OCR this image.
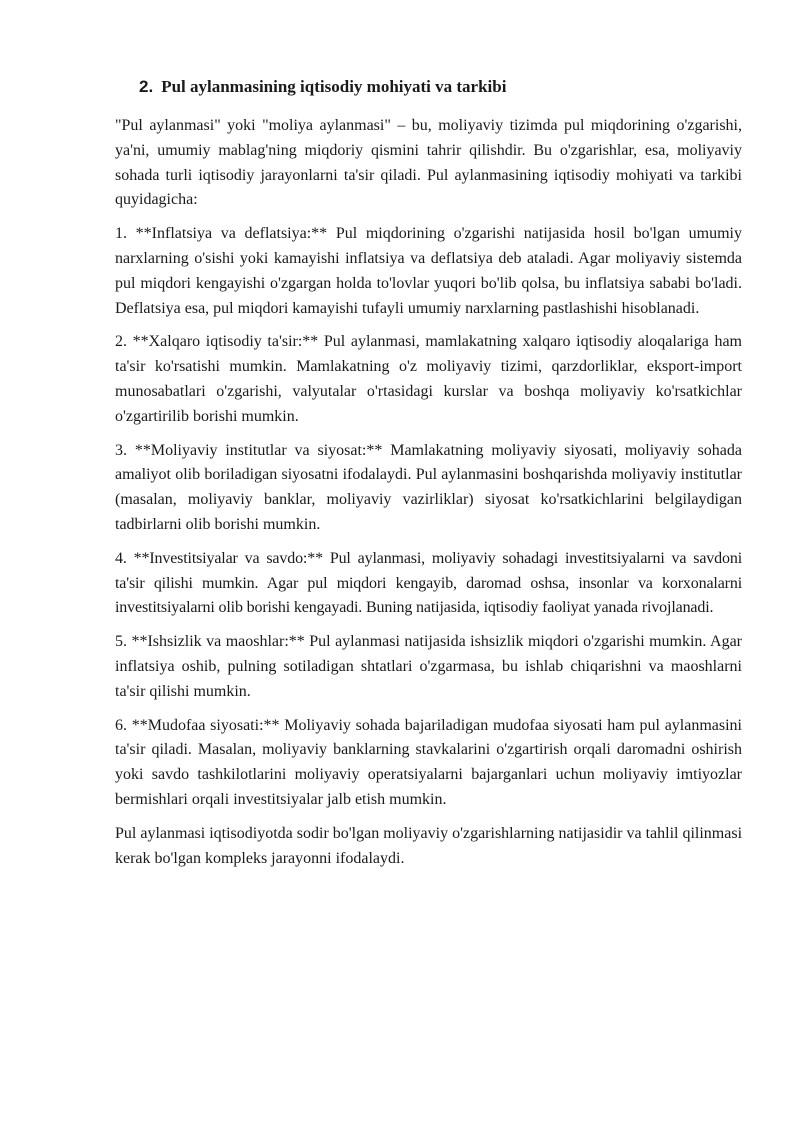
2. Pul aylanmasining iqtisodiy mohiyati va tarkibi

"Pul aylanmasi" yoki "moliya aylanmasi" – bu, moliyaviy tizimda pul miqdorining o'zgarishi, ya'ni, umumiy mablag'ning miqdoriy qismini tahrir qilishdir. Bu o'zgarishlar, esa, moliyaviy sohada turli iqtisodiy jarayonlarni ta'sir qiladi. Pul aylanmasining iqtisodiy mohiyati va tarkibi quyidagicha:

1. **Inflatsiya va deflatsiya:** Pul miqdorining o'zgarishi natijasida hosil bo'lgan umumiy narxlarning o'sishi yoki kamayishi inflatsiya va deflatsiya deb ataladi. Agar moliyaviy sistemda pul miqdori kengayishi o'zgargan holda to'lovlar yuqori bo'lib qolsa, bu inflatsiya sababi bo'ladi. Deflatsiya esa, pul miqdori kamayishi tufayli umumiy narxlarning pastlashishi hisoblanadi.

2. **Xalqaro iqtisodiy ta'sir:** Pul aylanmasi, mamlakatning xalqaro iqtisodiy aloqalariga ham ta'sir ko'rsatishi mumkin. Mamlakatning o'z moliyaviy tizimi, qarzdorliklar, eksport-import munosabatlari o'zgarishi, valyutalar o'rtasidagi kurslar va boshqa moliyaviy ko'rsatkichlar o'zgartirilib borishi mumkin.

3. **Moliyaviy institutlar va siyosat:** Mamlakatning moliyaviy siyosati, moliyaviy sohada amaliyot olib boriladigan siyosatni ifodalaydi. Pul aylanmasini boshqarishda moliyaviy institutlar (masalan, moliyaviy banklar, moliyaviy vazirliklar) siyosat ko'rsatkichlarini belgilaydigan tadbirlarni olib borishi mumkin.

4. **Investitsiyalar va savdo:** Pul aylanmasi, moliyaviy sohadagi investitsiyalarni va savdoni ta'sir qilishi mumkin. Agar pul miqdori kengayib, daromad oshsa, insonlar va korxonalarni investitsiyalarni olib borishi kengayadi. Buning natijasida, iqtisodiy faoliyat yanada rivojlanadi.

5. **Ishsizlik va maoshlar:** Pul aylanmasi natijasida ishsizlik miqdori o'zgarishi mumkin. Agar inflatsiya oshib, pulning sotiladigan shtatlari o'zgarmasa, bu ishlab chiqarishni va maoshlarni ta'sir qilishi mumkin.

6. **Mudofaa siyosati:** Moliyaviy sohada bajariladigan mudofaa siyosati ham pul aylanmasini ta'sir qiladi. Masalan, moliyaviy banklarning stavkalarini o'zgartirish orqali daromadni oshirish yoki savdo tashkilotlarini moliyaviy operatsiyalarni bajarganlari uchun moliyaviy imtiyozlar bermishlari orqali investitsiyalar jalb etish mumkin.

Pul aylanmasi iqtisodiyotda sodir bo'lgan moliyaviy o'zgarishlarning natijasidir va tahlil qilinmasi kerak bo'lgan kompleks jarayonni ifodalaydi.
